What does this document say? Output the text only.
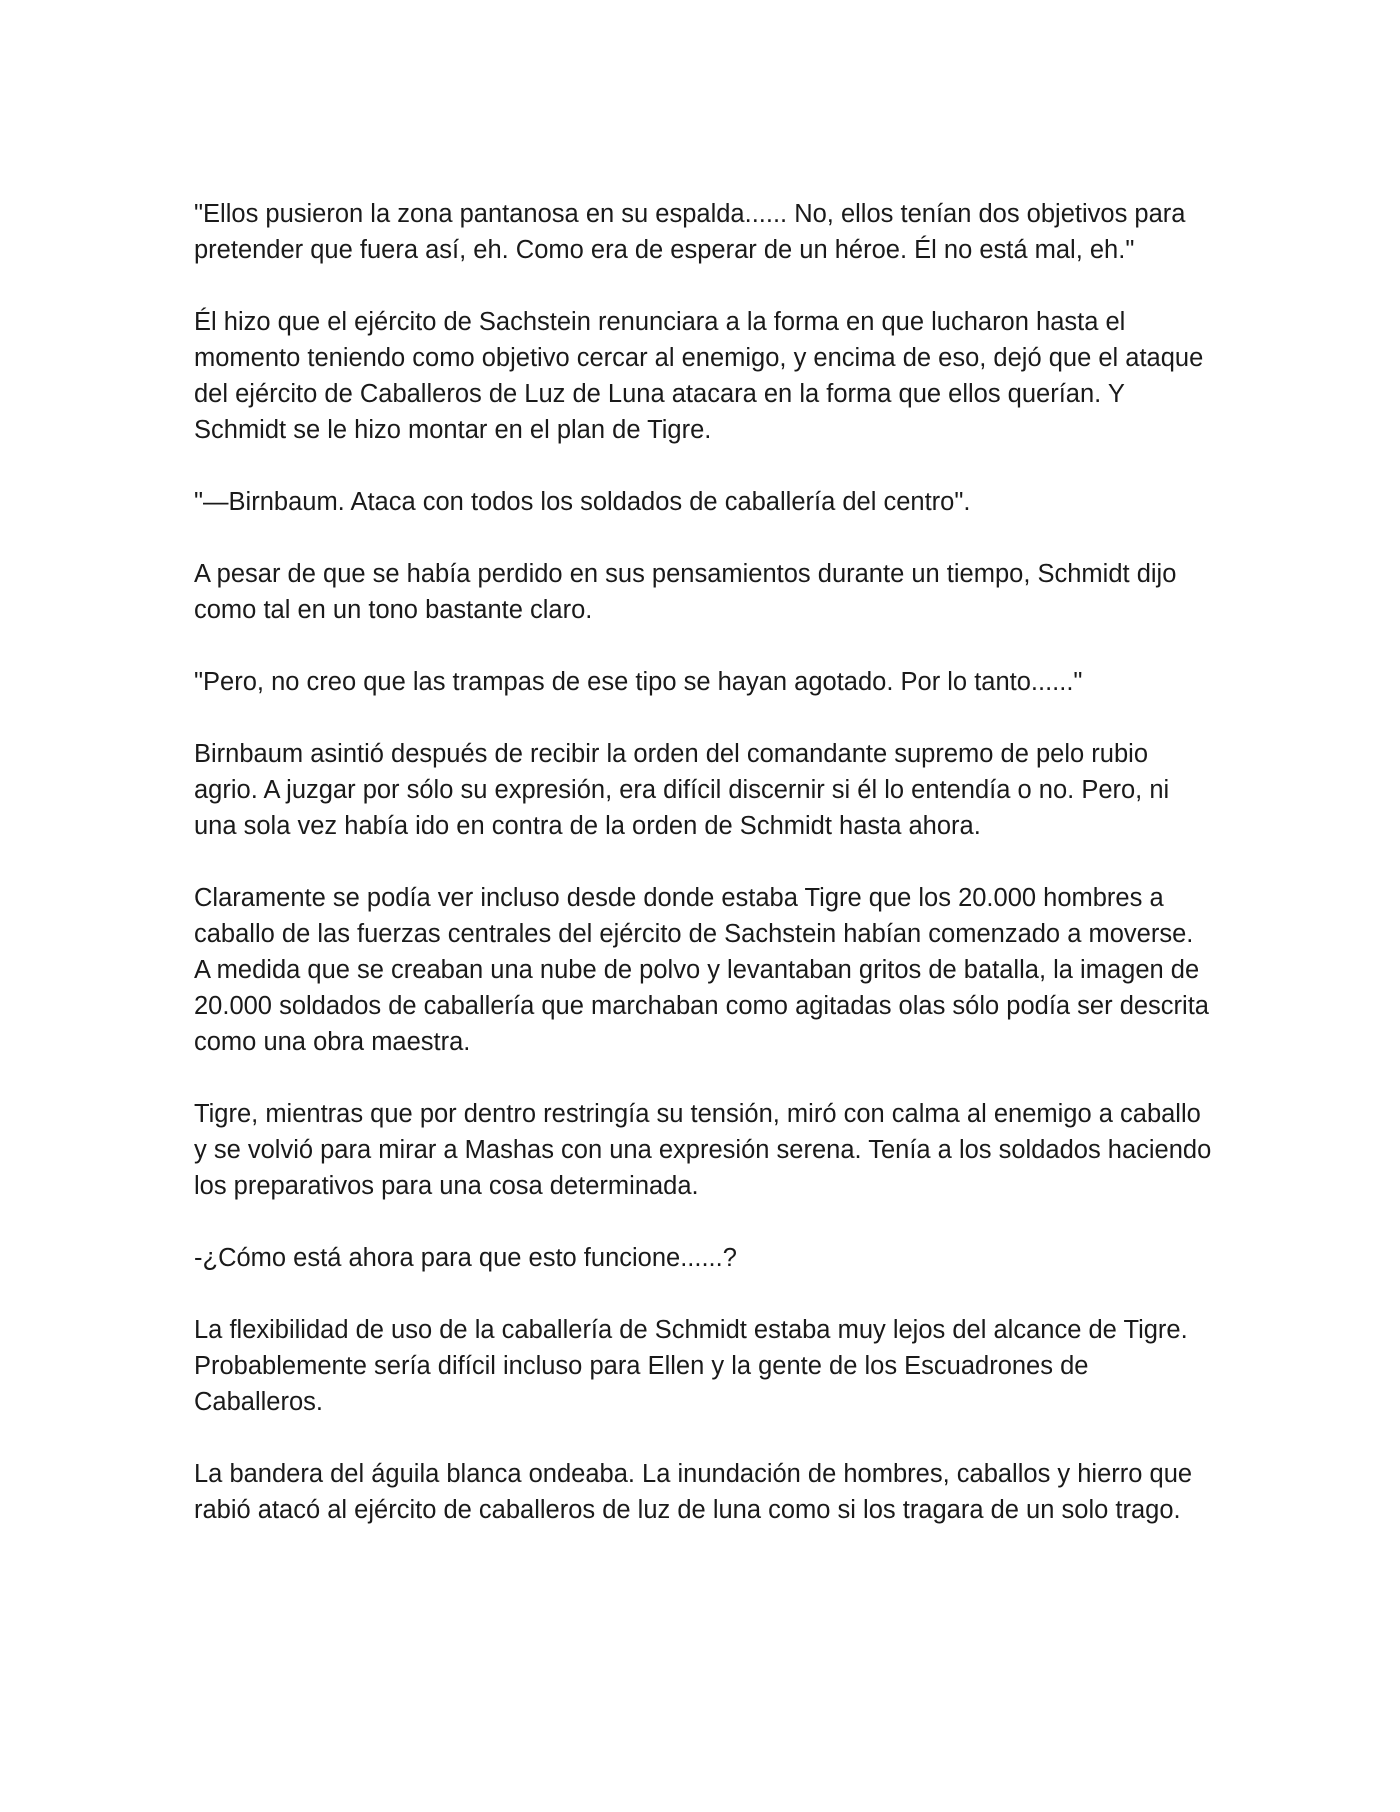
"Ellos pusieron la zona pantanosa en su espalda...... No, ellos tenían dos objetivos para pretender que fuera así, eh. Como era de esperar de un héroe. Él no está mal, eh."

Él hizo que el ejército de Sachstein renunciara a la forma en que lucharon hasta el momento teniendo como objetivo cercar al enemigo, y encima de eso, dejó que el ataque del ejército de Caballeros de Luz de Luna atacara en la forma que ellos querían. Y Schmidt se le hizo montar en el plan de Tigre.

"—Birnbaum. Ataca con todos los soldados de caballería del centro".

A pesar de que se había perdido en sus pensamientos durante un tiempo, Schmidt dijo como tal en un tono bastante claro.

"Pero, no creo que las trampas de ese tipo se hayan agotado. Por lo tanto......"

Birnbaum asintió después de recibir la orden del comandante supremo de pelo rubio agrio. A juzgar por sólo su expresión, era difícil discernir si él lo entendía o no. Pero, ni una sola vez había ido en contra de la orden de Schmidt hasta ahora.

Claramente se podía ver incluso desde donde estaba Tigre que los 20.000 hombres a caballo de las fuerzas centrales del ejército de Sachstein habían comenzado a moverse. A medida que se creaban una nube de polvo y levantaban gritos de batalla, la imagen de 20.000 soldados de caballería que marchaban como agitadas olas sólo podía ser descrita como una obra maestra.

Tigre, mientras que por dentro restringía su tensión, miró con calma al enemigo a caballo y se volvió para mirar a Mashas con una expresión serena. Tenía a los soldados haciendo los preparativos para una cosa determinada.

-¿Cómo está ahora para que esto funcione......?

La flexibilidad de uso de la caballería de Schmidt estaba muy lejos del alcance de Tigre. Probablemente sería difícil incluso para Ellen y la gente de los Escuadrones de Caballeros.

La bandera del águila blanca ondeaba. La inundación de hombres, caballos y hierro que rabió atacó al ejército de caballeros de luz de luna como si los tragara de un solo trago.
